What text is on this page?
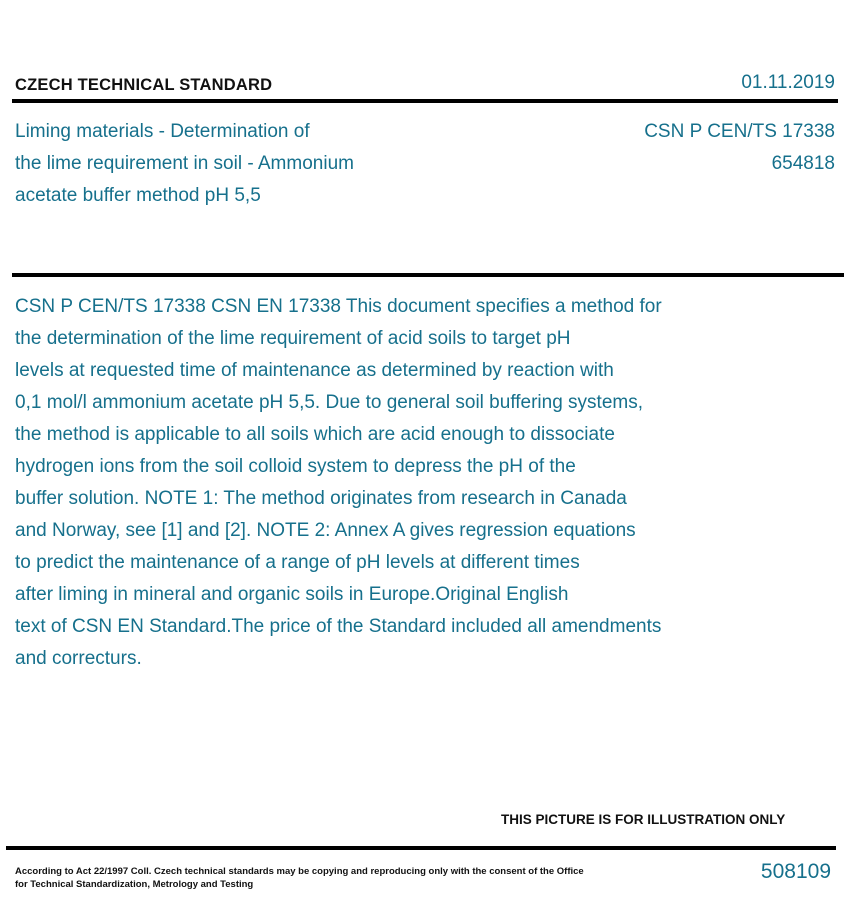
CZECH TECHNICAL STANDARD	01.11.2019
Liming materials - Determination of
the lime requirement in soil - Ammonium
acetate buffer method pH 5,5
CSN P CEN/TS 17338
654818
CSN P CEN/TS 17338 CSN EN 17338 This document specifies a method for
the determination of the lime requirement of acid soils to target pH
levels at requested time of maintenance as determined by reaction with
0,1 mol/l ammonium acetate pH 5,5. Due to general soil buffering systems,
the method is applicable to all soils which are acid enough to dissociate
hydrogen ions from the soil colloid system to depress the pH of the
buffer solution. NOTE 1: The method originates from research in Canada
and Norway, see [1] and [2]. NOTE 2: Annex A gives regression equations
to predict the maintenance of a range of pH levels at different times
after liming in mineral and organic soils in Europe.Original English
text of CSN EN Standard.The price of the Standard included all amendments
and correcturs.
THIS PICTURE IS FOR ILLUSTRATION ONLY
According to Act 22/1997 Coll. Czech technical standards may be copying and reproducing only with the consent of the Office
for Technical Standardization, Metrology and Testing
508109
